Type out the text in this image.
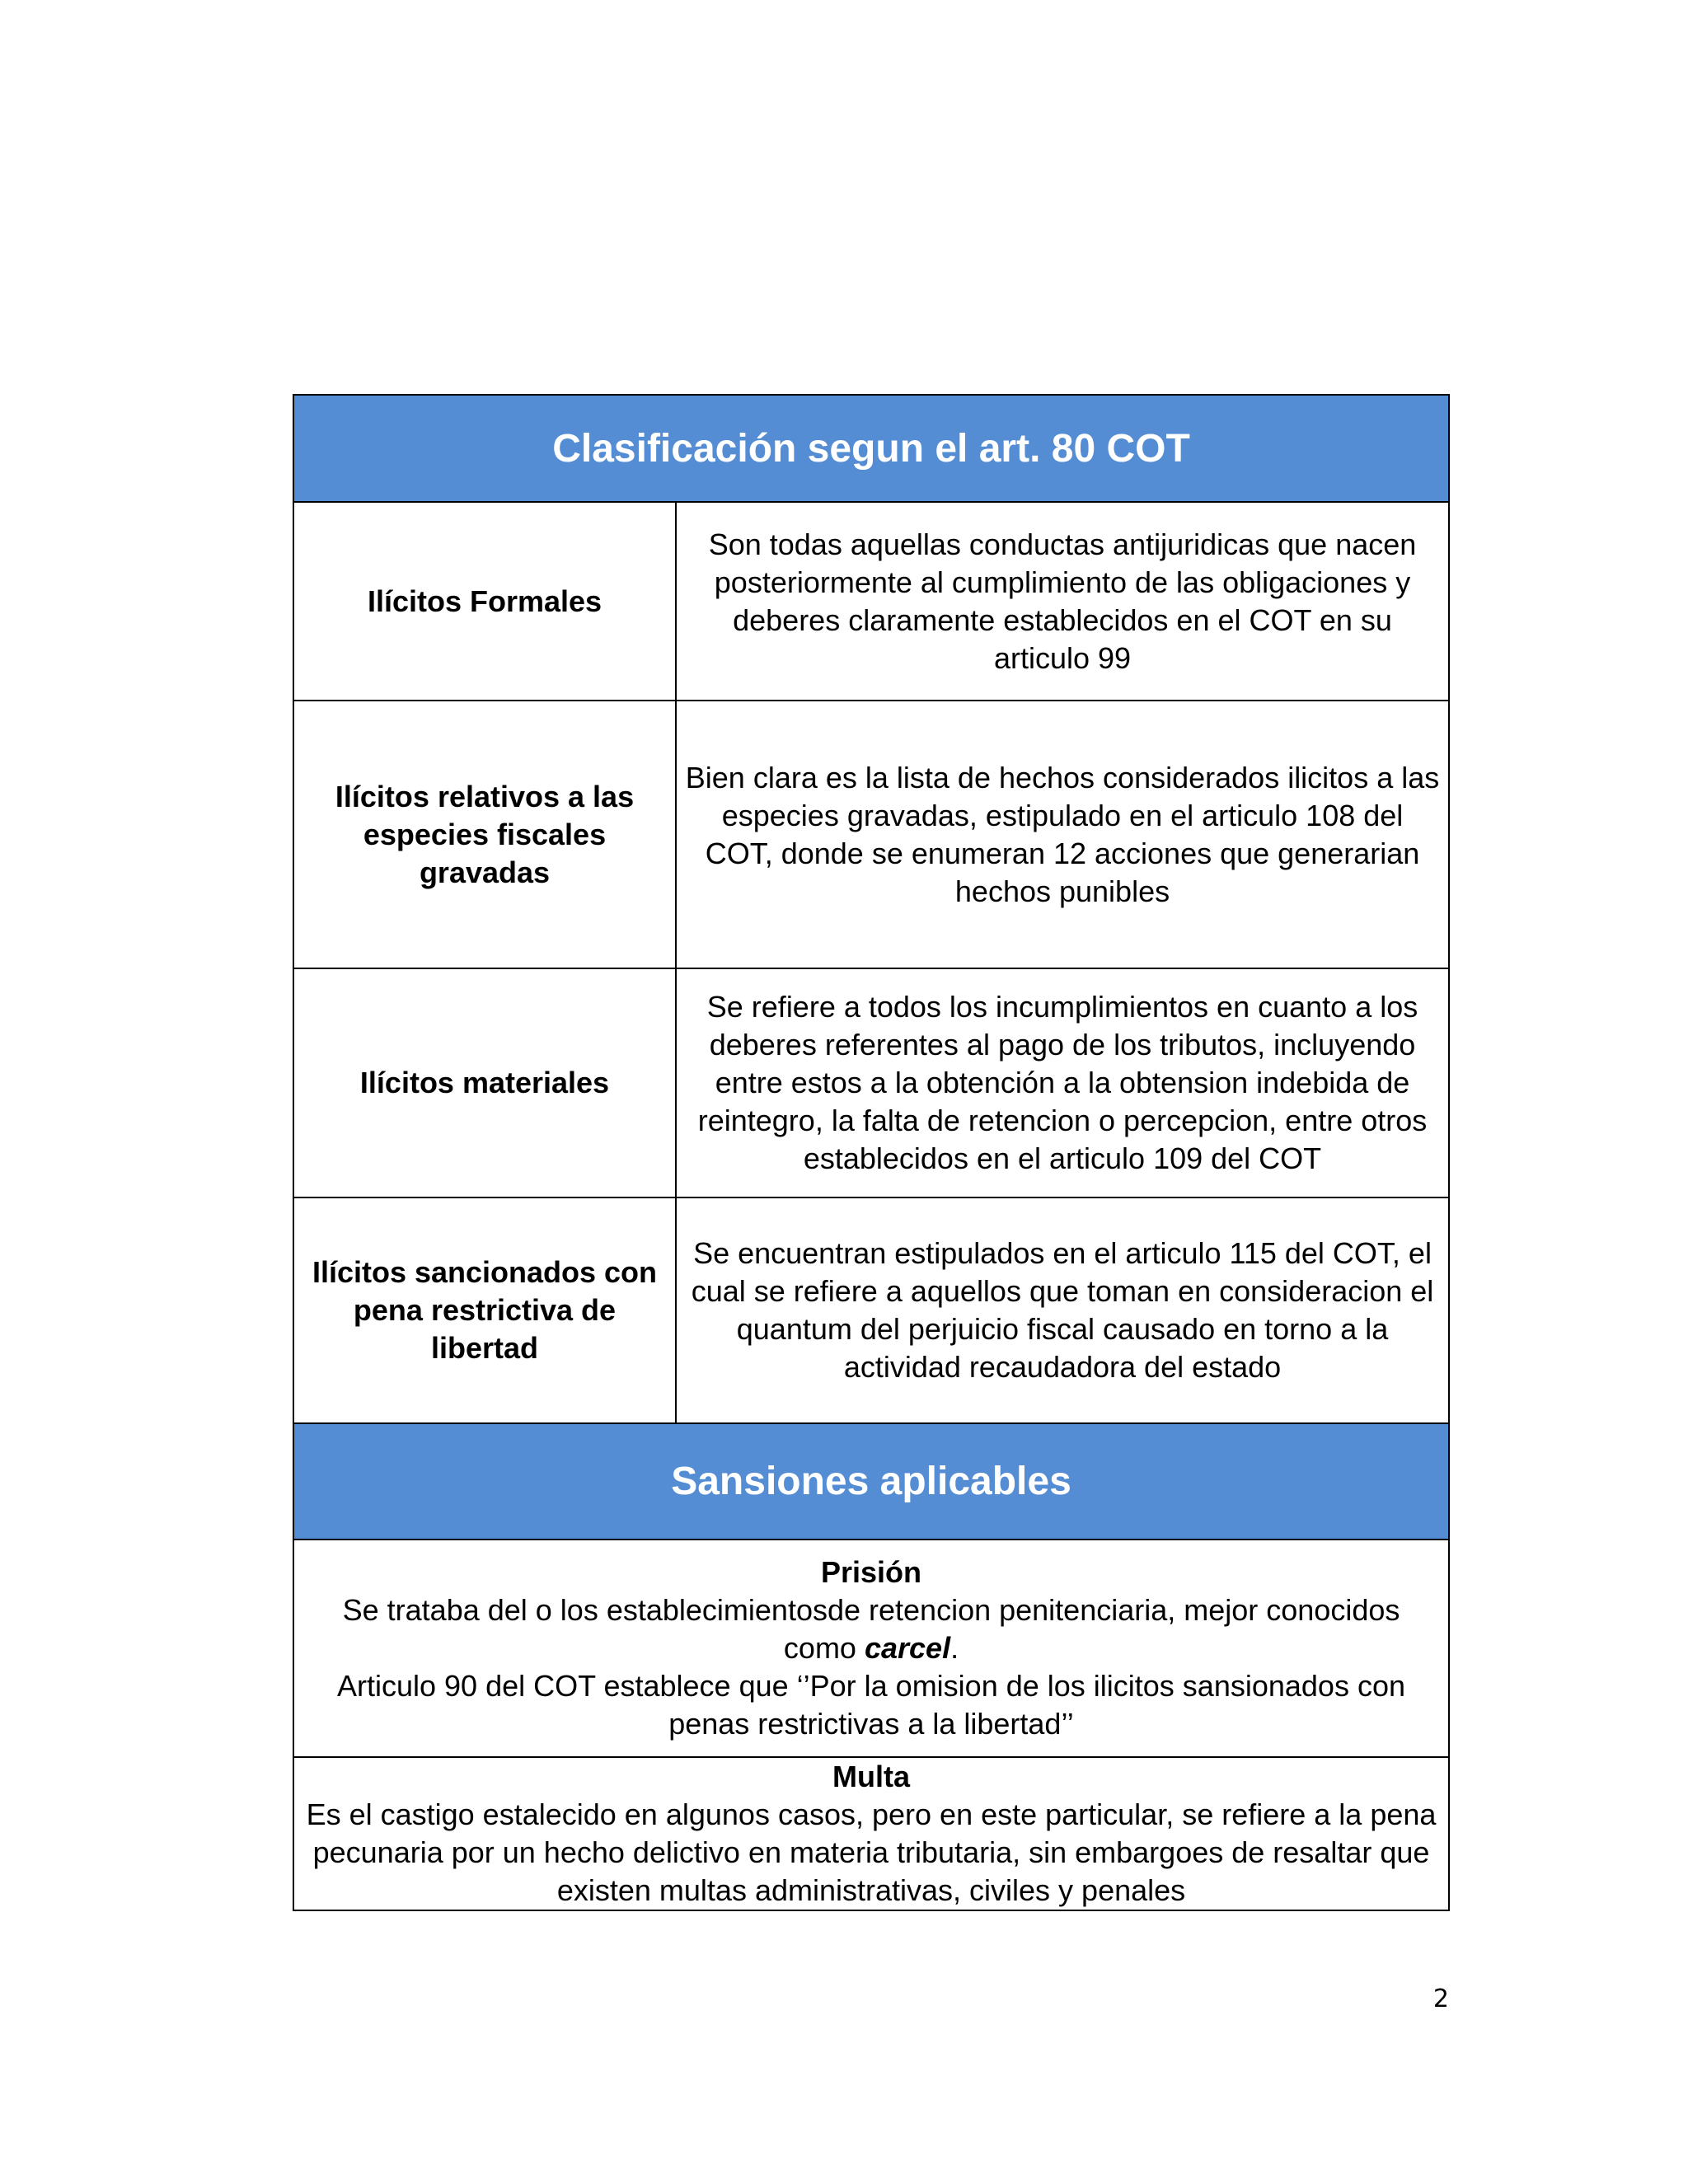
Clasificación segun el art. 80 COT	
Ilícitos Formales	Son todas aquellas conductas antijuridicas que nacen posteriormente al cumplimiento de las obligaciones y deberes claramente establecidos en el COT en su articulo 99
Ilícitos relativos a las especies fiscales gravadas	Bien clara es la lista de hechos considerados ilicitos a las especies gravadas, estipulado en el articulo 108 del COT, donde se enumeran 12 acciones que generarian hechos punibles
Ilícitos materiales	Se refiere a todos los incumplimientos en cuanto a los deberes referentes al pago de los tributos, incluyendo entre estos a la obtención a la obtension indebida de reintegro, la falta de retencion o percepcion, entre otros establecidos en el articulo 109 del COT
Ilícitos sancionados con pena restrictiva de libertad	Se encuentran estipulados en el articulo 115 del COT, el cual se refiere a aquellos que toman en consideracion el quantum del perjuicio fiscal causado en torno a la actividad recaudadora del estado
Sansiones aplicables	

Prisión
Se trataba del o los establecimientosde retencion penitenciaria, mejor conocidos como carcel.
Articulo 90 del COT establece que ‘’Por la omision de los ilicitos sansionados con penas restrictivas a la libertad’’	

Multa
Es el castigo estalecido en algunos casos, pero en este particular, se refiere a la pena pecunaria por un hecho delictivo en materia tributaria, sin embargoes de resaltar que existen multas administrativas, civiles y penales	
2
